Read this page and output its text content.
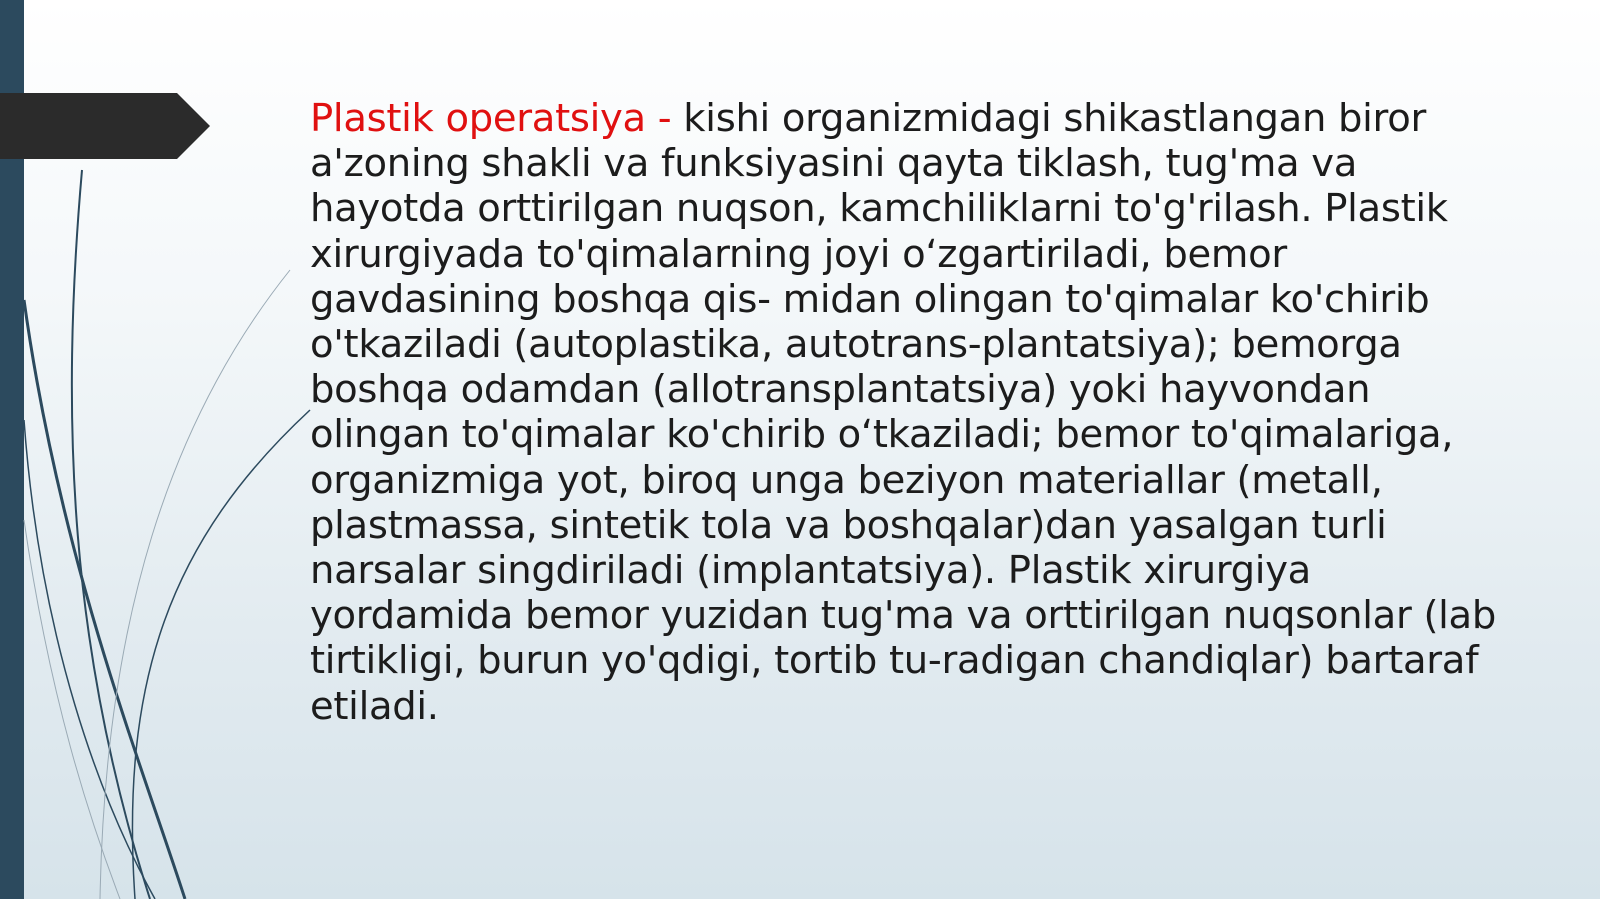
Plastik operatsiya - kishi organizmidagi shikastlangan biror a'zoning shakli va funksiyasini qayta tiklash, tug'ma va hayotda orttirilgan nuqson, kamchiliklarni to'g'rilash. Plastik xirurgiyada to'qimalarning joyi o‘zgartiriladi, bemor gavdasining boshqa qis- midan olingan to'qimalar ko'chirib o'tkaziladi (autoplastika, autotrans-plantatsiya); bemorga boshqa odamdan (allotransplantatsiya) yoki hayvondan olingan to'qimalar ko'chirib o‘tkaziladi; bemor to'qimalariga, organizmiga yot, biroq unga beziyon materiallar (metall, plastmassa, sintetik tola va boshqalar)dan yasalgan turli narsalar singdiriladi (implantatsiya). Plastik xirurgiya yordamida bemor yuzidan tug'ma va orttirilgan nuqsonlar (lab tirtikligi, burun yo'qdigi, tortib tu-radigan chandiqlar) bartaraf etiladi.
